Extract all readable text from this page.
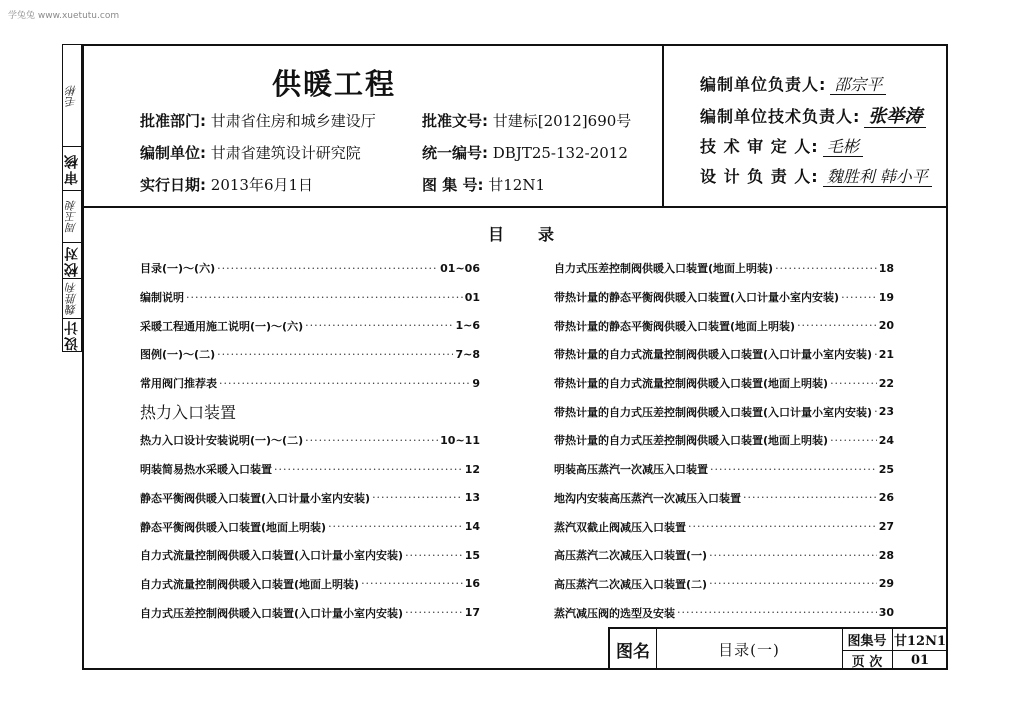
学兔兔 www.xuetutu.com
毛彬
审核
周玉昶
校对
魏胜利
设计
供暖工程
批准部门: 甘肃省住房和城乡建设厅	批准文号: 甘建标[2012]690号
编制单位: 甘肃省建筑设计研究院	统一编号: DBJT25-132-2012
实行日期: 2013年6月1日	图 集 号: 甘12N1
编制单位负责人: 邵宗平
编制单位技术负责人: 张举涛
技 术 审 定 人: 毛彬
设 计 负 责 人: 魏胜利 韩小平
目录
目录(一)～(六) ·····	01~06
编制说明 ·····	01
采暖工程通用施工说明(一)～(六) ·····	1~6
图例(一)～(二) ·····	7~8
常用阀门推荐表 ·····	9
热力入口装置
热力入口设计安装说明(一)～(二) ·····	10~11
明装简易热水采暖入口装置 ·····	12
静态平衡阀供暖入口装置(入口计量小室内安装) ·····	13
静态平衡阀供暖入口装置(地面上明装) ·····	14
自力式流量控制阀供暖入口装置(入口计量小室内安装) ·····	15
自力式流量控制阀供暖入口装置(地面上明装) ·····	16
自力式压差控制阀供暖入口装置(入口计量小室内安装) ·····	17
自力式压差控制阀供暖入口装置(地面上明装) ·····	18
带热计量的静态平衡阀供暖入口装置(入口计量小室内安装) ·····	19
带热计量的静态平衡阀供暖入口装置(地面上明装) ·····	20
带热计量的自力式流量控制阀供暖入口装置(入口计量小室内安装) ····· 21
带热计量的自力式流量控制阀供暖入口装置(地面上明装) ·····	22
带热计量的自力式压差控制阀供暖入口装置(入口计量小室内安装) ····· 23
带热计量的自力式压差控制阀供暖入口装置(地面上明装) ·····	24
明装高压蒸汽一次减压入口装置 ·····	25
地沟内安装高压蒸汽一次减压入口装置 ·····	26
蒸汽双截止阀减压入口装置 ·····	27
高压蒸汽二次减压入口装置(一) ·····	28
高压蒸汽二次减压入口装置(二) ·····	29
蒸汽减压阀的选型及安装 ·····	30
图名	目录(一)	图集号 甘12N1
页 次	01
